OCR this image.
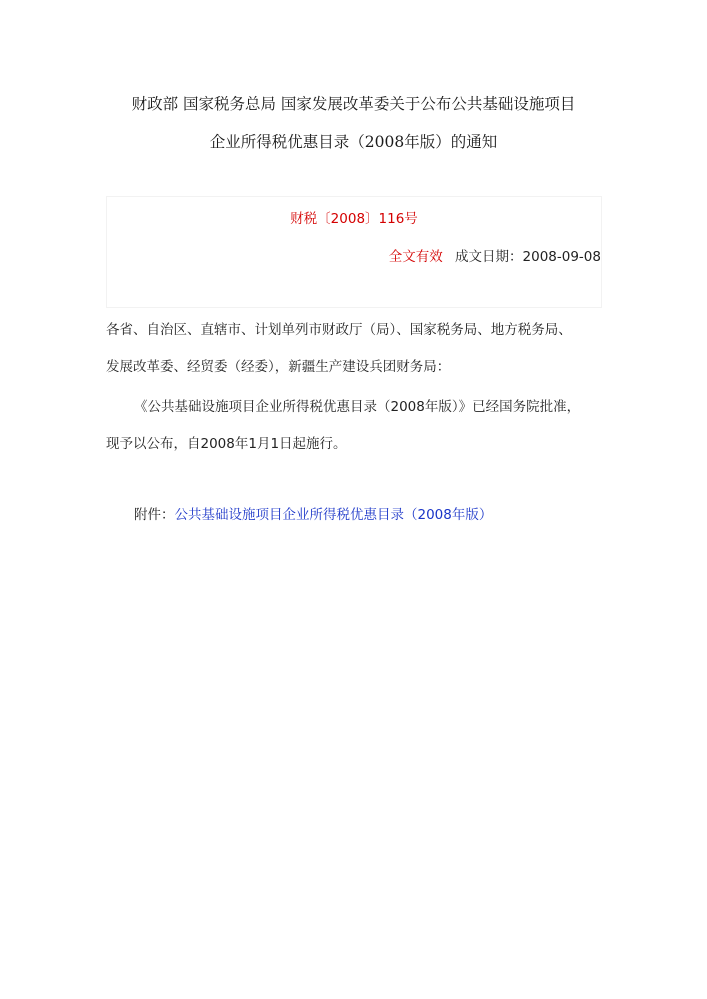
财政部 国家税务总局 国家发展改革委关于公布公共基础设施项目
企业所得税优惠目录（2008年版）的通知
财税〔2008〕116号
全文有效 成文日期：2008-09-08
各省、自治区、直辖市、计划单列市财政厅（局）、国家税务局、地方税务局、
发展改革委、经贸委（经委），新疆生产建设兵团财务局：
《公共基础设施项目企业所得税优惠目录（2008年版）》已经国务院批准，
现予以公布，自2008年1月1日起施行。
附件：公共基础设施项目企业所得税优惠目录（2008年版）
